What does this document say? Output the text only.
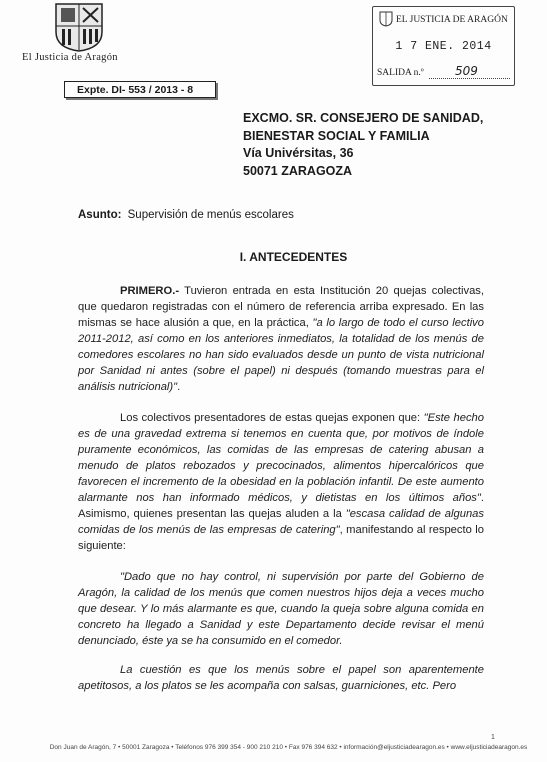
El Justicia de Aragón
EL JUSTICIA DE ARAGÓN
1 7 ENE. 2014
SALIDA n.º	509
Expte. DI- 553 / 2013 - 8
EXCMO. SR. CONSEJERO DE SANIDAD,
BIENESTAR SOCIAL Y FAMILIA
Vía Univérsitas, 36
50071 ZARAGOZA
Asunto: Supervisión de menús escolares
I. ANTECEDENTES
PRIMERO.- Tuvieron entrada en esta Institución 20 quejas colectivas, que quedaron registradas con el número de referencia arriba expresado. En las mismas se hace alusión a que, en la práctica, "a lo largo de todo el curso lectivo 2011-2012, así como en los anteriores inmediatos, la totalidad de los menús de comedores escolares no han sido evaluados desde un punto de vista nutricional por Sanidad ni antes (sobre el papel) ni después (tomando muestras para el análisis nutricional)".
Los colectivos presentadores de estas quejas exponen que: "Este hecho es de una gravedad extrema si tenemos en cuenta que, por motivos de índole puramente económicos, las comidas de las empresas de catering abusan a menudo de platos rebozados y precocinados, alimentos hipercalóricos que favorecen el incremento de la obesidad en la población infantil. De este aumento alarmante nos han informado médicos, y dietistas en los últimos años". Asimismo, quienes presentan las quejas aluden a la "escasa calidad de algunas comidas de los menús de las empresas de catering", manifestando al respecto lo siguiente:
"Dado que no hay control, ni supervisión por parte del Gobierno de Aragón, la calidad de los menús que comen nuestros hijos deja a veces mucho que desear. Y lo más alarmante es que, cuando la queja sobre alguna comida en concreto ha llegado a Sanidad y este Departamento decide revisar el menú denunciado, éste ya se ha consumido en el comedor.
La cuestión es que los menús sobre el papel son aparentemente apetitosos, a los platos se les acompaña con salsas, guarniciones, etc. Pero
1
Don Juan de Aragón, 7 • 50001 Zaragoza • Teléfonos 976 399 354 - 900 210 210 • Fax 976 394 632 • información@eljusticiadearagon.es • www.eljusticiadearagon.es
